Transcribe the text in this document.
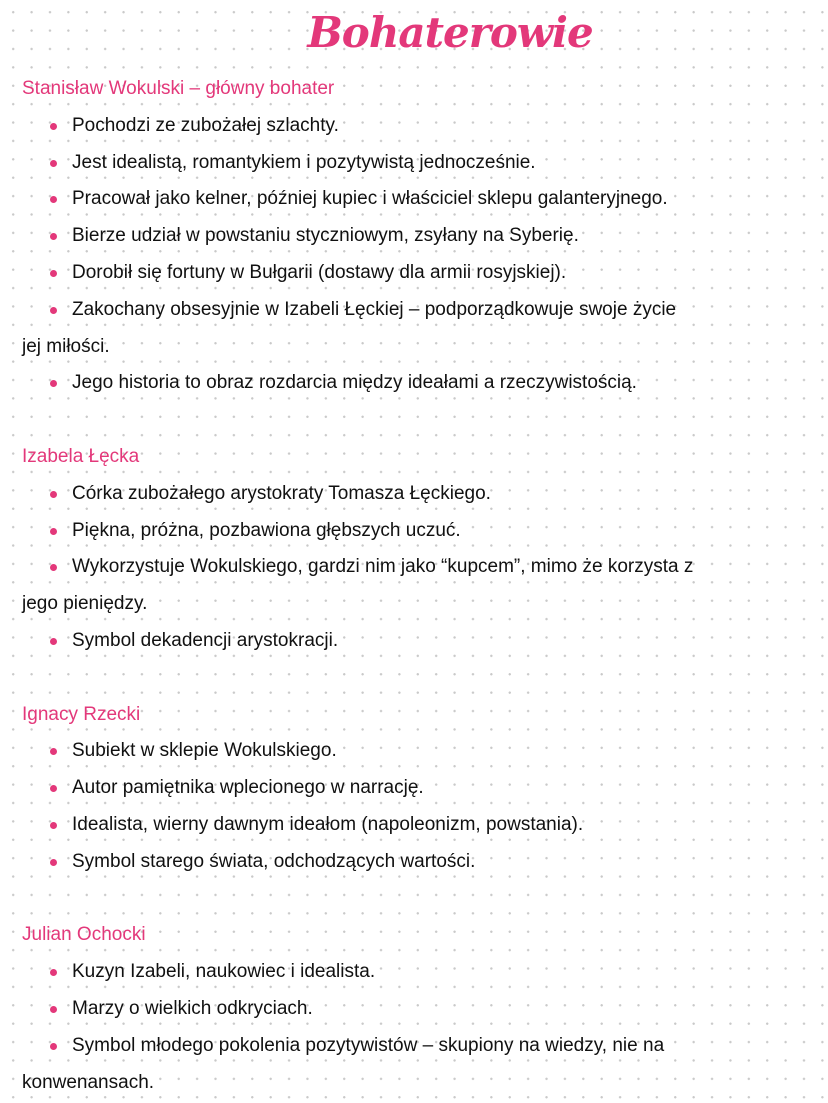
Bohaterowie
Stanisław Wokulski – główny bohater
Pochodzi ze zubożałej szlachty.
Jest idealistą, romantykiem i pozytywistą jednocześnie.
Pracował jako kelner, później kupiec i właściciel sklepu galanteryjnego.
Bierze udział w powstaniu styczniowym, zsyłany na Syberię.
Dorobił się fortuny w Bułgarii (dostawy dla armii rosyjskiej).
Zakochany obsesyjnie w Izabeli Łęckiej – podporządkowuje swoje życie
jej miłości.
Jego historia to obraz rozdarcia między ideałami a rzeczywistością.
Izabela Łęcka
Córka zubożałego arystokraty Tomasza Łęckiego.
Piękna, próżna, pozbawiona głębszych uczuć.
Wykorzystuje Wokulskiego, gardzi nim jako “kupcem”, mimo że korzysta z
jego pieniędzy.
Symbol dekadencji arystokracji.
Ignacy Rzecki
Subiekt w sklepie Wokulskiego.
Autor pamiętnika wplecionego w narrację.
Idealista, wierny dawnym ideałom (napoleonizm, powstania).
Symbol starego świata, odchodzących wartości.
Julian Ochocki
Kuzyn Izabeli, naukowiec i idealista.
Marzy o wielkich odkryciach.
Symbol młodego pokolenia pozytywistów – skupiony na wiedzy, nie na
konwenansach.
